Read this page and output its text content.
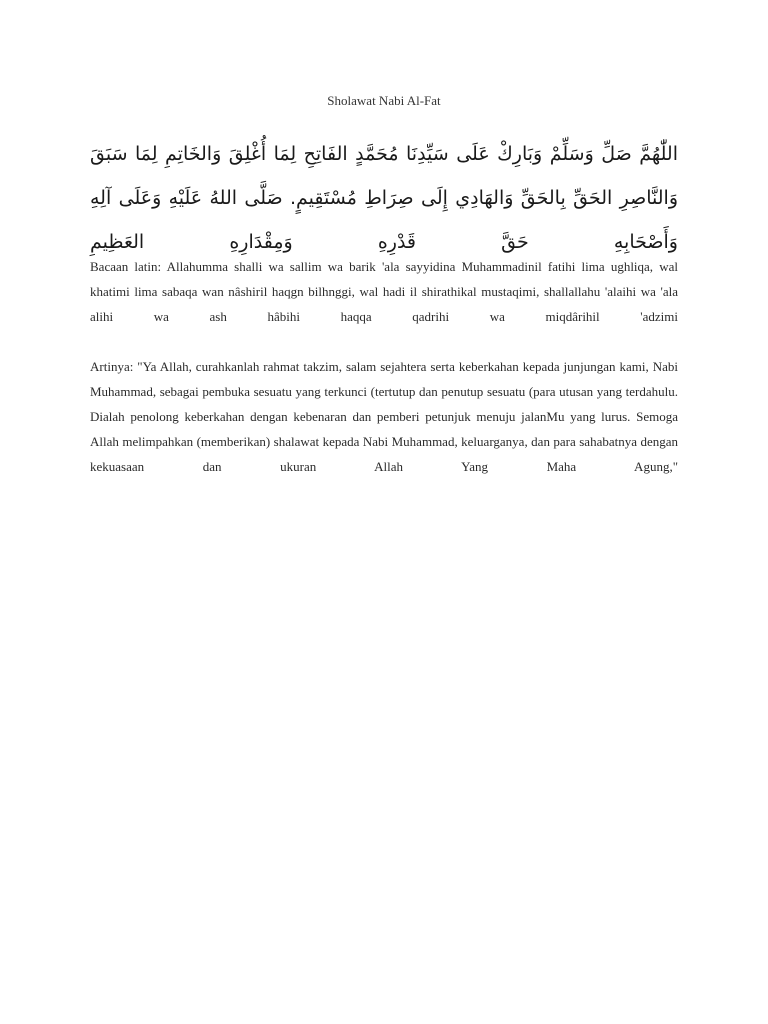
Sholawat Nabi Al-Fat

اللّٰهُمَّ صَلِّ وَسَلِّمْ وَبَارِكْ عَلَى سَيِّدِنَا مُحَمَّدٍ الفَاتِحِ لِمَا أُغْلِقَ وَالخَاتِمِ لِمَا سَبَقَ وَالنَّاصِرِ الحَقِّ بِالحَقِّ وَالهَادِي إِلَى صِرَاطِ مُسْتَقِيمٍ. صَلَّى اللهُ عَلَيْهِ وَعَلَى آلِهِ وَأَصْحَابِهِ حَقَّ قَدْرِهِ وَمِقْدَارِهِ العَظِيمِ

Bacaan latin: Allahumma shalli wa sallim wa barik 'ala sayyidina Muhammadinil fatihi lima ughliqa, wal khatimi lima sabaqa wan nâshiril haqgn bilhnggi, wal hadi il shirathikal mustaqimi, shallallahu 'alaihi wa 'ala alihi wa ash hâbihi haqqa qadrihi wa miqdârihil 'adzimi

Artinya: "Ya Allah, curahkanlah rahmat takzim, salam sejahtera serta keberkahan kepada junjungan kami, Nabi Muhammad, sebagai pembuka sesuatu yang terkunci (tertutup dan penutup sesuatu (para utusan yang terdahulu. Dialah penolong keberkahan dengan kebenaran dan pemberi petunjuk menuju jalanMu yang lurus. Semoga Allah melimpahkan (memberikan) shalawat kepada Nabi Muhammad, keluarganya, dan para sahabatnya dengan kekuasaan dan ukuran Allah Yang Maha Agung,"
